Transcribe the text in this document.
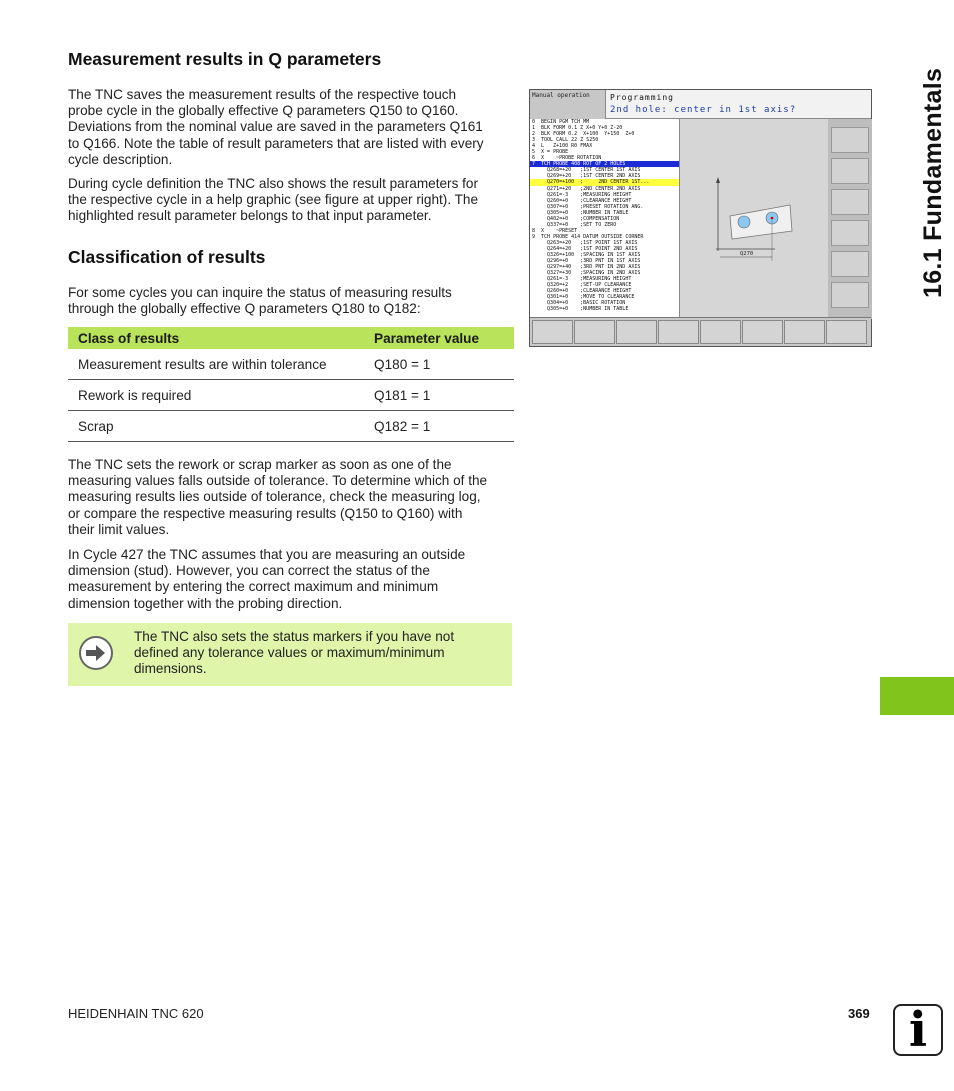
16.1 Fundamentals
Measurement results in Q parameters

The TNC saves the measurement results of the respective touch
probe cycle in the globally effective Q parameters Q150 to Q160.
Deviations from the nominal value are saved in the parameters Q161
to Q166. Note the table of result parameters that are listed with every
cycle description.

During cycle definition the TNC also shows the result parameters for
the respective cycle in a help graphic (see figure at upper right). The
highlighted result parameter belongs to that input parameter.

Classification of results

For some cycles you can inquire the status of measuring results
through the globally effective Q parameters Q180 to Q182:

Class of results	Parameter value
Measurement results are within tolerance	Q180 = 1
Rework is required	Q181 = 1
Scrap	Q182 = 1

The TNC sets the rework or scrap marker as soon as one of the
measuring values falls outside of tolerance. To determine which of the
measuring results lies outside of tolerance, check the measuring log,
or compare the respective measuring results (Q150 to Q160) with
their limit values.

In Cycle 427 the TNC assumes that you are measuring an outside
dimension (stud). However, you can correct the status of the
measurement by entering the correct maximum and minimum
dimension together with the probing direction.

The TNC also sets the status markers if you have not
defined any tolerance values or maximum/minimum
dimensions.

Manual operation	Programming
2nd hole: center in 1st axis?
0  BEGIN PGM TCH MM
1  BLK FORM 0.1 Z X+0 Y+0 Z-20
2  BLK FORM 0.2  X+100  Y+150  Z+0
3  TOOL CALL 22 Z S250
4  L   Z+100 R0 FMAX
5  X = PROBE
6  X    ~PROBE ROTATION
7  TCH PROBE 408 ROT OF 2 HOLES
Q268=+20   ;1ST CENTER 1ST AXIS
Q269=+20   ;1ST CENTER 2ND AXIS
Q270=+100  ;     2ND CENTER 1ST...
Q271=+20   ;2ND CENTER 2ND AXIS
Q261=-3    ;MEASURING HEIGHT
Q260=+0    ;CLEARANCE HEIGHT
Q307=+0    ;PRESET ROTATION ANG.
Q305=+0    ;NUMBER IN TABLE
Q402=+0    ;COMPENSATION
Q337=+0    ;SET TO ZERO
8  X    ~PRESET
9  TCH PROBE 414 DATUM OUTSIDE CORNER
Q263=+20   ;1ST POINT 1ST AXIS
Q264=+20   ;1ST POINT 2ND AXIS
Q326=+100  ;SPACING IN 1ST AXIS
Q296=+0    ;3RD PNT IN 1ST AXIS
Q297=+40   ;3RD PNT IN 2ND AXIS
Q327=+30   ;SPACING IN 2ND AXIS
Q261=-3    ;MEASURING HEIGHT
Q320=+2    ;SET-UP CLEARANCE
Q260=+0    ;CLEARANCE HEIGHT
Q301=+0    ;MOVE TO CLEARANCE
Q304=+0    ;BASIC ROTATION
Q305=+0    ;NUMBER IN TABLE
Q270
HEIDENHAIN TNC 620	369 i
